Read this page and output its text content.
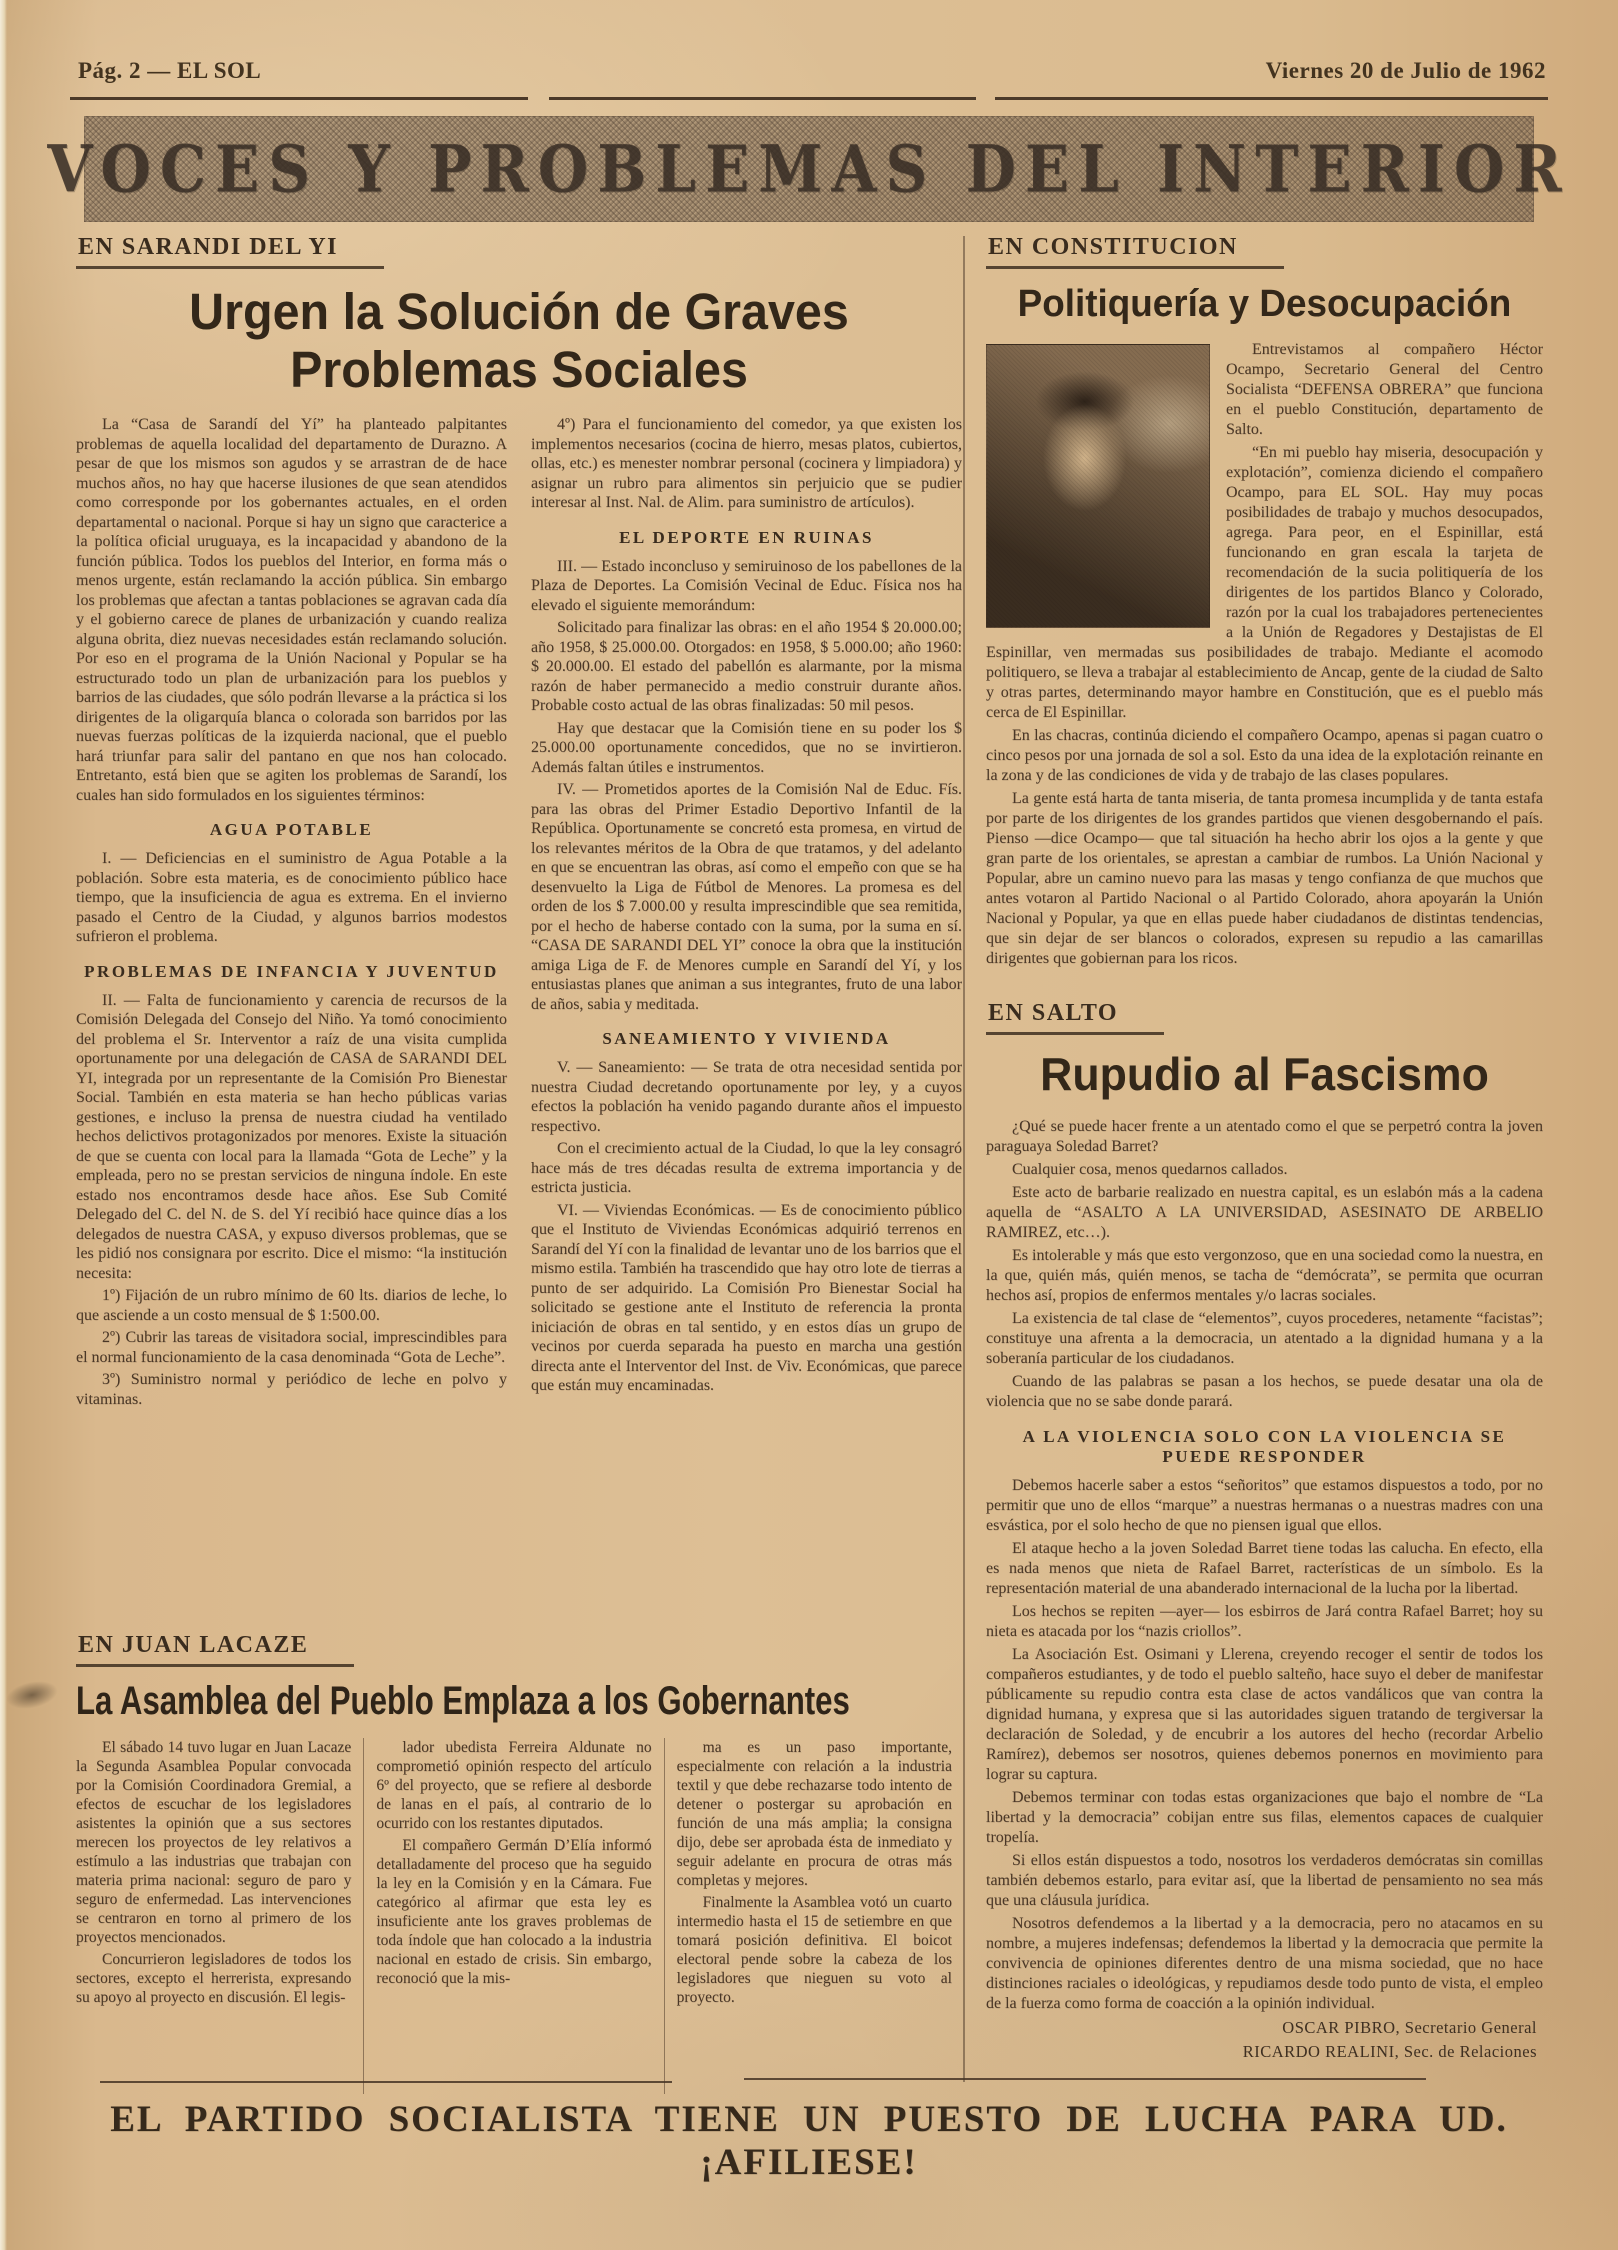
Pág. 2 — EL SOL	Viernes 20 de Julio de 1962
VOCES Y PROBLEMAS DEL INTERIOR
EN SARANDI DEL YI
Urgen la Solución de Graves
Problemas Sociales

La “Casa de Sarandí del Yí” ha planteado palpitantes problemas de aquella localidad del departamento de Durazno. A pesar de que los mismos son agudos y se arrastran de de hace muchos años, no hay que hacerse ilusiones de que sean atendidos como corresponde por los gobernantes actuales, en el orden departamental o nacional. Porque si hay un signo que caracterice a la política oficial uruguaya, es la incapacidad y abandono de la función pública. Todos los pueblos del Interior, en forma más o menos urgente, están reclamando la acción pública. Sin embargo los problemas que afectan a tantas poblaciones se agravan cada día y el gobierno carece de planes de urbanización y cuando realiza alguna obrita, diez nuevas necesidades están reclamando solución. Por eso en el programa de la Unión Nacional y Popular se ha estructurado todo un plan de urbanización para los pueblos y barrios de las ciudades, que sólo podrán llevarse a la práctica si los dirigentes de la oligarquía blanca o colorada son barridos por las nuevas fuerzas políticas de la izquierda nacional, que el pueblo hará triunfar para salir del pantano en que nos han colocado. Entretanto, está bien que se agiten los problemas de Sarandí, los cuales han sido formulados en los siguientes términos:

AGUA POTABLE

I. — Deficiencias en el suministro de Agua Potable a la población. Sobre esta materia, es de conocimiento público hace tiempo, que la insuficiencia de agua es extrema. En el invierno pasado el Centro de la Ciudad, y algunos barrios modestos sufrieron el problema.

PROBLEMAS DE INFANCIA Y JUVENTUD

II. — Falta de funcionamiento y carencia de recursos de la Comisión Delegada del Consejo del Niño. Ya tomó conocimiento del problema el Sr. Interventor a raíz de una visita cumplida oportunamente por una delegación de CASA de SARANDI DEL YI, integrada por un representante de la Comisión Pro Bienestar Social. También en esta materia se han hecho públicas varias gestiones, e incluso la prensa de nuestra ciudad ha ventilado hechos delictivos protagonizados por menores. Existe la situación de que se cuenta con local para la llamada “Gota de Leche” y la empleada, pero no se prestan servicios de ninguna índole. En este estado nos encontramos desde hace años. Ese Sub Comité Delegado del C. del N. de S. del Yí recibió hace quince días a los delegados de nuestra CASA, y expuso diversos problemas, que se les pidió nos consignara por escrito. Dice el mismo: “la institución necesita:

1º) Fijación de un rubro mínimo de 60 lts. diarios de leche, lo que asciende a un costo mensual de $ 1:500.00.

2º) Cubrir las tareas de visitadora social, imprescindibles para el normal funcionamiento de la casa denominada “Gota de Leche”.

3º) Suministro normal y periódico de leche en polvo y vitaminas.

4º) Para el funcionamiento del comedor, ya que existen los implementos necesarios (cocina de hierro, mesas platos, cubiertos, ollas, etc.) es menester nombrar personal (cocinera y limpiadora) y asignar un rubro para alimentos sin perjuicio que se pudier interesar al Inst. Nal. de Alim. para suministro de artículos).

EL DEPORTE EN RUINAS

III. — Estado inconcluso y semiruinoso de los pabellones de la Plaza de Deportes. La Comisión Vecinal de Educ. Física nos ha elevado el siguiente memorándum:

Solicitado para finalizar las obras: en el año 1954 $ 20.000.00; año 1958, $ 25.000.00. Otorgados: en 1958, $ 5.000.00; año 1960: $ 20.000.00. El estado del pabellón es alarmante, por la misma razón de haber permanecido a medio construir durante años. Probable costo actual de las obras finalizadas: 50 mil pesos.

Hay que destacar que la Comisión tiene en su poder los $ 25.000.00 oportunamente concedidos, que no se invirtieron. Además faltan útiles e instrumentos.

IV. — Prometidos aportes de la Comisión Nal de Educ. Fís. para las obras del Primer Estadio Deportivo Infantil de la República. Oportunamente se concretó esta promesa, en virtud de los relevantes méritos de la Obra de que tratamos, y del adelanto en que se encuentran las obras, así como el empeño con que se ha desenvuelto la Liga de Fútbol de Menores. La promesa es del orden de los $ 7.000.00 y resulta imprescindible que sea remitida, por el hecho de haberse contado con la suma, por la suma en sí. “CASA DE SARANDI DEL YI” conoce la obra que la institución amiga Liga de F. de Menores cumple en Sarandí del Yí, y los entusiastas planes que animan a sus integrantes, fruto de una labor de años, sabia y meditada.

SANEAMIENTO Y VIVIENDA

V. — Saneamiento: — Se trata de otra necesidad sentida por nuestra Ciudad decretando oportunamente por ley, y a cuyos efectos la población ha venido pagando durante años el impuesto respectivo.

Con el crecimiento actual de la Ciudad, lo que la ley consagró hace más de tres décadas resulta de extrema importancia y de estricta justicia.

VI. — Viviendas Económicas. — Es de conocimiento público que el Instituto de Viviendas Económicas adquirió terrenos en Sarandí del Yí con la finalidad de levantar uno de los barrios que el mismo estila. También ha trascendido que hay otro lote de tierras a punto de ser adquirido. La Comisión Pro Bienestar Social ha solicitado se gestione ante el Instituto de referencia la pronta iniciación de obras en tal sentido, y en estos días un grupo de vecinos por cuerda separada ha puesto en marcha una gestión directa ante el Interventor del Inst. de Viv. Económicas, que parece que están muy encaminadas.

EN CONSTITUCION
Politiquería y Desocupación

Entrevistamos al compañero Héctor Ocampo, Secretario General del Centro Socialista “DEFENSA OBRERA” que funciona en el pueblo Constitución, departamento de Salto.

“En mi pueblo hay miseria, desocupación y explotación”, comienza diciendo el compañero Ocampo, para EL SOL. Hay muy pocas posibilidades de trabajo y muchos desocupados, agrega. Para peor, en el Espinillar, está funcionando en gran escala la tarjeta de recomendación de la sucia politiquería de los dirigentes de los partidos Blanco y Colorado, razón por la cual los trabajadores pertenecientes a la Unión de Regadores y Destajistas de El Espinillar, ven mermadas sus posibilidades de trabajo. Mediante el acomodo politiquero, se lleva a trabajar al establecimiento de Ancap, gente de la ciudad de Salto y otras partes, determinando mayor hambre en Constitución, que es el pueblo más cerca de El Espinillar.

En las chacras, continúa diciendo el compañero Ocampo, apenas si pagan cuatro o cinco pesos por una jornada de sol a sol. Esto da una idea de la explotación reinante en la zona y de las condiciones de vida y de trabajo de las clases populares.

La gente está harta de tanta miseria, de tanta promesa incumplida y de tanta estafa por parte de los dirigentes de los grandes partidos que vienen desgobernando el país. Pienso —dice Ocampo— que tal situación ha hecho abrir los ojos a la gente y que gran parte de los orientales, se aprestan a cambiar de rumbos. La Unión Nacional y Popular, abre un camino nuevo para las masas y tengo confianza de que muchos que antes votaron al Partido Nacional o al Partido Colorado, ahora apoyarán la Unión Nacional y Popular, ya que en ellas puede haber ciudadanos de distintas tendencias, que sin dejar de ser blancos o colorados, expresen su repudio a las camarillas dirigentes que gobiernan para los ricos.

EN SALTO
Rupudio al Fascismo

¿Qué se puede hacer frente a un atentado como el que se perpetró contra la joven paraguaya Soledad Barret?

Cualquier cosa, menos quedarnos callados.

Este acto de barbarie realizado en nuestra capital, es un eslabón más a la cadena aquella de “ASALTO A LA UNIVERSIDAD, ASESINATO DE ARBELIO RAMIREZ, etc…).

Es intolerable y más que esto vergonzoso, que en una sociedad como la nuestra, en la que, quién más, quién menos, se tacha de “demócrata”, se permita que ocurran hechos así, propios de enfermos mentales y/o lacras sociales.

La existencia de tal clase de “elementos”, cuyos procederes, netamente “facistas”; constituye una afrenta a la democracia, un atentado a la dignidad humana y a la soberanía particular de los ciudadanos.

Cuando de las palabras se pasan a los hechos, se puede desatar una ola de violencia que no se sabe donde parará.

A LA VIOLENCIA SOLO CON LA VIOLENCIA SE PUEDE RESPONDER

Debemos hacerle saber a estos “señoritos” que estamos dispuestos a todo, por no permitir que uno de ellos “marque” a nuestras hermanas o a nuestras madres con una esvástica, por el solo hecho de que no piensen igual que ellos.

El ataque hecho a la joven Soledad Barret tiene todas las calucha. En efecto, ella es nada menos que nieta de Rafael Barret, racterísticas de un símbolo. Es la representación material de una abanderado internacional de la lucha por la libertad.

Los hechos se repiten —ayer— los esbirros de Jará contra Rafael Barret; hoy su nieta es atacada por los “nazis criollos”.

La Asociación Est. Osimani y Llerena, creyendo recoger el sentir de todos los compañeros estudiantes, y de todo el pueblo salteño, hace suyo el deber de manifestar públicamente su repudio contra esta clase de actos vandálicos que van contra la dignidad humana, y expresa que si las autoridades siguen tratando de tergiversar la declaración de Soledad, y de encubrir a los autores del hecho (recordar Arbelio Ramírez), debemos ser nosotros, quienes debemos ponernos en movimiento para lograr su captura.

Debemos terminar con todas estas organizaciones que bajo el nombre de “La libertad y la democracia” cobijan entre sus filas, elementos capaces de cualquier tropelía.

Si ellos están dispuestos a todo, nosotros los verdaderos demócratas sin comillas también debemos estarlo, para evitar así, que la libertad de pensamiento no sea más que una cláusula jurídica.

Nosotros defendemos a la libertad y a la democracia, pero no atacamos en su nombre, a mujeres indefensas; defendemos la libertad y la democracia que permite la convivencia de opiniones diferentes dentro de una misma sociedad, que no hace distinciones raciales o ideológicas, y repudiamos desde todo punto de vista, el empleo de la fuerza como forma de coacción a la opinión individual.

OSCAR PIBRO, Secretario General

RICARDO REALINI, Sec. de Relaciones

EN JUAN LACAZE
La Asamblea del Pueblo Emplaza a los Gobernantes

El sábado 14 tuvo lugar en Juan Lacaze la Segunda Asamblea Popular convocada por la Comisión Coordinadora Gremial, a efectos de escuchar de los legisladores asistentes la opinión que a sus sectores merecen los proyectos de ley relativos a estímulo a las industrias que trabajan con materia prima nacional: seguro de paro y seguro de enfermedad. Las intervenciones se centraron en torno al primero de los proyectos mencionados.

Concurrieron legisladores de todos los sectores, excepto el herrerista, expresando su apoyo al proyecto en discusión. El legis-

lador ubedista Ferreira Aldunate no comprometió opinión respecto del artículo 6º del proyecto, que se refiere al desborde de lanas en el país, al contrario de lo ocurrido con los restantes diputados.

El compañero Germán D’Elía informó detalladamente del proceso que ha seguido la ley en la Comisión y en la Cámara. Fue categórico al afirmar que esta ley es insuficiente ante los graves problemas de toda índole que han colocado a la industria nacional en estado de crisis. Sin embargo, reconoció que la mis-

ma es un paso importante, especialmente con relación a la industria textil y que debe rechazarse todo intento de detener o postergar su aprobación en función de una más amplia; la consigna dijo, debe ser aprobada ésta de inmediato y seguir adelante en procura de otras más completas y mejores.

Finalmente la Asamblea votó un cuarto intermedio hasta el 15 de setiembre en que tomará posición definitiva. El boicot electoral pende sobre la cabeza de los legisladores que nieguen su voto al proyecto.

EL PARTIDO SOCIALISTA TIENE UN PUESTO DE LUCHA PARA UD. ¡AFILIESE!
